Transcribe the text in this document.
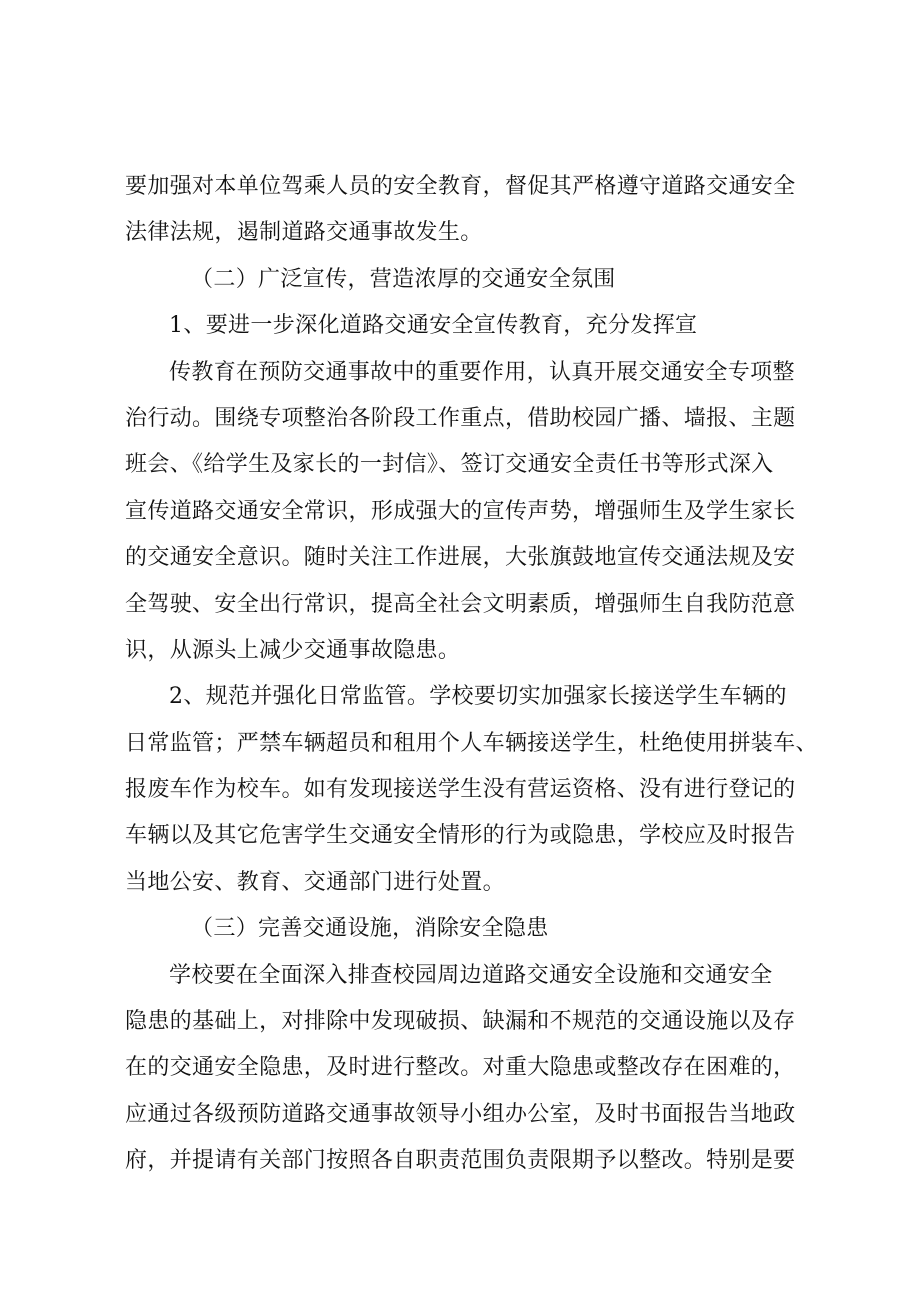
要加强对本单位驾乘人员的安全教育，督促其严格遵守道路交通安全
法律法规，遏制道路交通事故发生。
（二）广泛宣传，营造浓厚的交通安全氛围
1、要进一步深化道路交通安全宣传教育，充分发挥宣
传教育在预防交通事故中的重要作用，认真开展交通安全专项整
治行动。围绕专项整治各阶段工作重点，借助校园广播、墙报、主题
班会、《给学生及家长的一封信》、签订交通安全责任书等形式深入
宣传道路交通安全常识，形成强大的宣传声势，增强师生及学生家长
的交通安全意识。随时关注工作进展，大张旗鼓地宣传交通法规及安
全驾驶、安全出行常识，提高全社会文明素质，增强师生自我防范意
识，从源头上减少交通事故隐患。
2、规范并强化日常监管。学校要切实加强家长接送学生车辆的
日常监管；严禁车辆超员和租用个人车辆接送学生，杜绝使用拼装车、
报废车作为校车。如有发现接送学生没有营运资格、没有进行登记的
车辆以及其它危害学生交通安全情形的行为或隐患，学校应及时报告
当地公安、教育、交通部门进行处置。
（三）完善交通设施，消除安全隐患
学校要在全面深入排查校园周边道路交通安全设施和交通安全
隐患的基础上，对排除中发现破损、缺漏和不规范的交通设施以及存
在的交通安全隐患，及时进行整改。对重大隐患或整改存在困难的，
应通过各级预防道路交通事故领导小组办公室，及时书面报告当地政
府，并提请有关部门按照各自职责范围负责限期予以整改。特别是要
